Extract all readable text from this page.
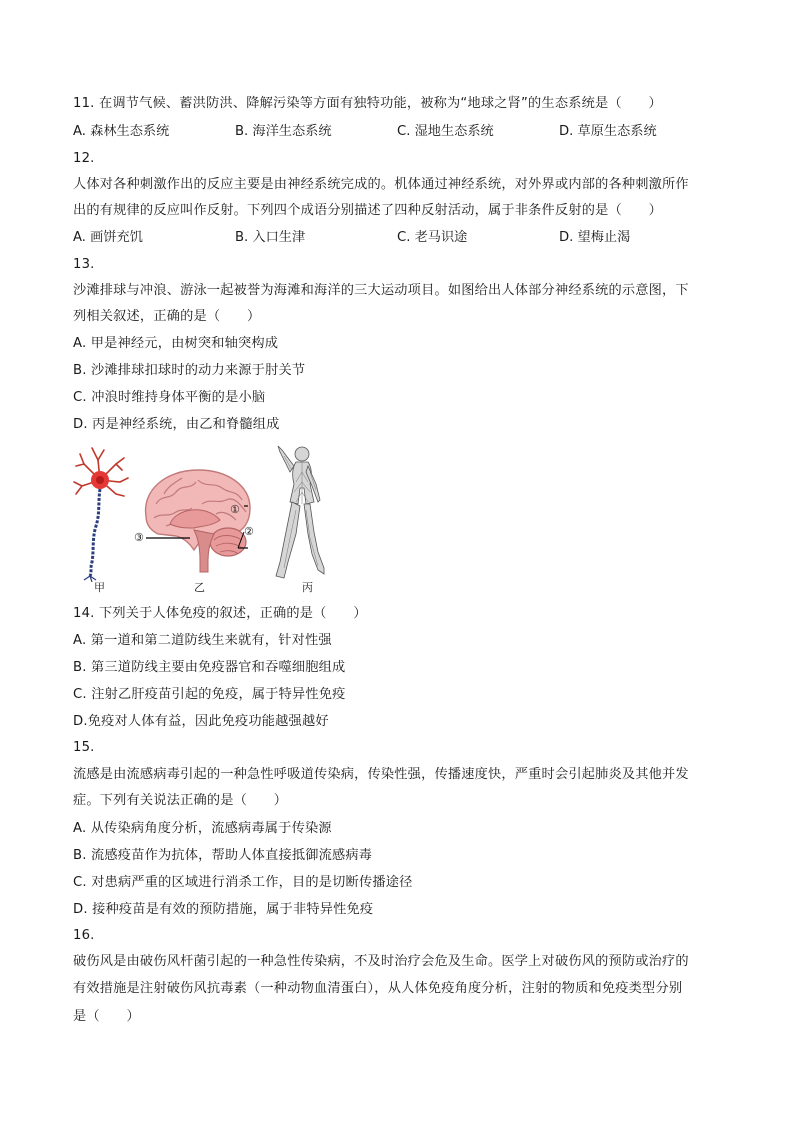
11. 在调节气候、蓄洪防洪、降解污染等方面有独特功能，被称为“地球之肾”的生态系统是（　　）
A. 森林生态系统	B. 海洋生态系统	C. 湿地生态系统	D. 草原生态系统
12.
人体对各种刺激作出的反应主要是由神经系统完成的。机体通过神经系统，对外界或内部的各种刺激所作
出的有规律的反应叫作反射。下列四个成语分别描述了四种反射活动，属于非条件反射的是（　　）
A. 画饼充饥	B. 入口生津	C. 老马识途	D. 望梅止渴
13.
沙滩排球与冲浪、游泳一起被誉为海滩和海洋的三大运动项目。如图给出人体部分神经系统的示意图，下
列相关叙述，正确的是（　　）
A. 甲是神经元，由树突和轴突构成
B. 沙滩排球扣球时的动力来源于肘关节
C. 冲浪时维持身体平衡的是小脑
D. 丙是神经系统，由乙和脊髓组成
①
②
③
甲	乙	丙
14. 下列关于人体免疫的叙述，正确的是（　　）
A. 第一道和第二道防线生来就有，针对性强
B. 第三道防线主要由免疫器官和吞噬细胞组成
C. 注射乙肝疫苗引起的免疫，属于特异性免疫
D.免疫对人体有益，因此免疫功能越强越好
15.
流感是由流感病毒引起的一种急性呼吸道传染病，传染性强，传播速度快，严重时会引起肺炎及其他并发
症。下列有关说法正确的是（　　）
A. 从传染病角度分析，流感病毒属于传染源
B. 流感疫苗作为抗体，帮助人体直接抵御流感病毒
C. 对患病严重的区域进行消杀工作，目的是切断传播途径
D. 接种疫苗是有效的预防措施，属于非特异性免疫
16.
破伤风是由破伤风杆菌引起的一种急性传染病，不及时治疗会危及生命。医学上对破伤风的预防或治疗的
有效措施是注射破伤风抗毒素（一种动物血清蛋白），从人体免疫角度分析，注射的物质和免疫类型分别
是（　　）
